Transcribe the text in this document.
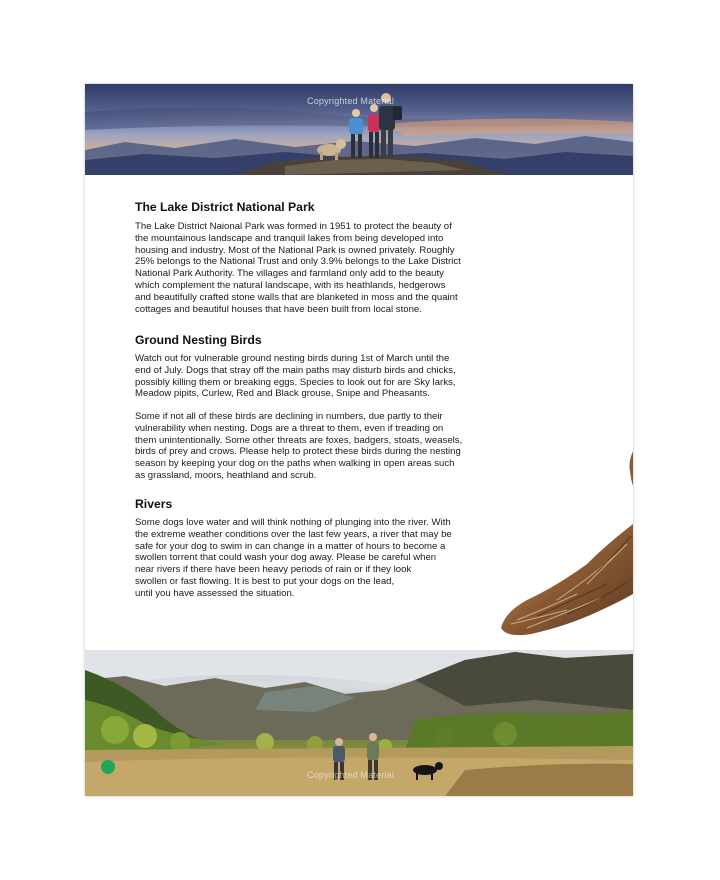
Copyrighted Material
The Lake District National Park

The Lake District Naional Park was formed in 1951 to protect the beauty of
the mountainous landscape and tranquil lakes from being developed into
housing and industry. Most of the National Park is owned privately. Roughly
25% belongs to the National Trust and only 3.9% belongs to the Lake District
National Park Authority. The villages and farmland only add to the beauty
which complement the natural landscape, with its heathlands, hedgerows
and beautifully crafted stone walls that are blanketed in moss and the quaint
cottages and beautiful houses that have been built from local stone.

Ground Nesting Birds

Watch out for vulnerable ground nesting birds during 1st of March until the
end of July. Dogs that stray off the main paths may disturb birds and chicks,
possibly killing them or breaking eggs. Species to look out for are Sky larks,
Meadow pipits, Curlew, Red and Black grouse, Snipe and Pheasants.

Some if not all of these birds are declining in numbers, due partly to their
vulnerability when nesting. Dogs are a threat to them, even if treading on
them unintentionally. Some other threats are foxes, badgers, stoats, weasels,
birds of prey and crows. Please help to protect these birds during the nesting
season by keeping your dog on the paths when walking in open areas such
as grassland, moors, heathland and scrub.

Rivers

Some dogs love water and will think nothing of plunging into the river. With
the extreme weather conditions over the last few years, a river that may be
safe for your dog to swim in can change in a matter of hours to become a
swollen torrent that could wash your dog away. Please be careful when
near rivers if there have been heavy periods of rain or if they look
swollen or fast flowing. It is best to put your dogs on the lead,
until you have assessed the situation.

Copyrighted Material
